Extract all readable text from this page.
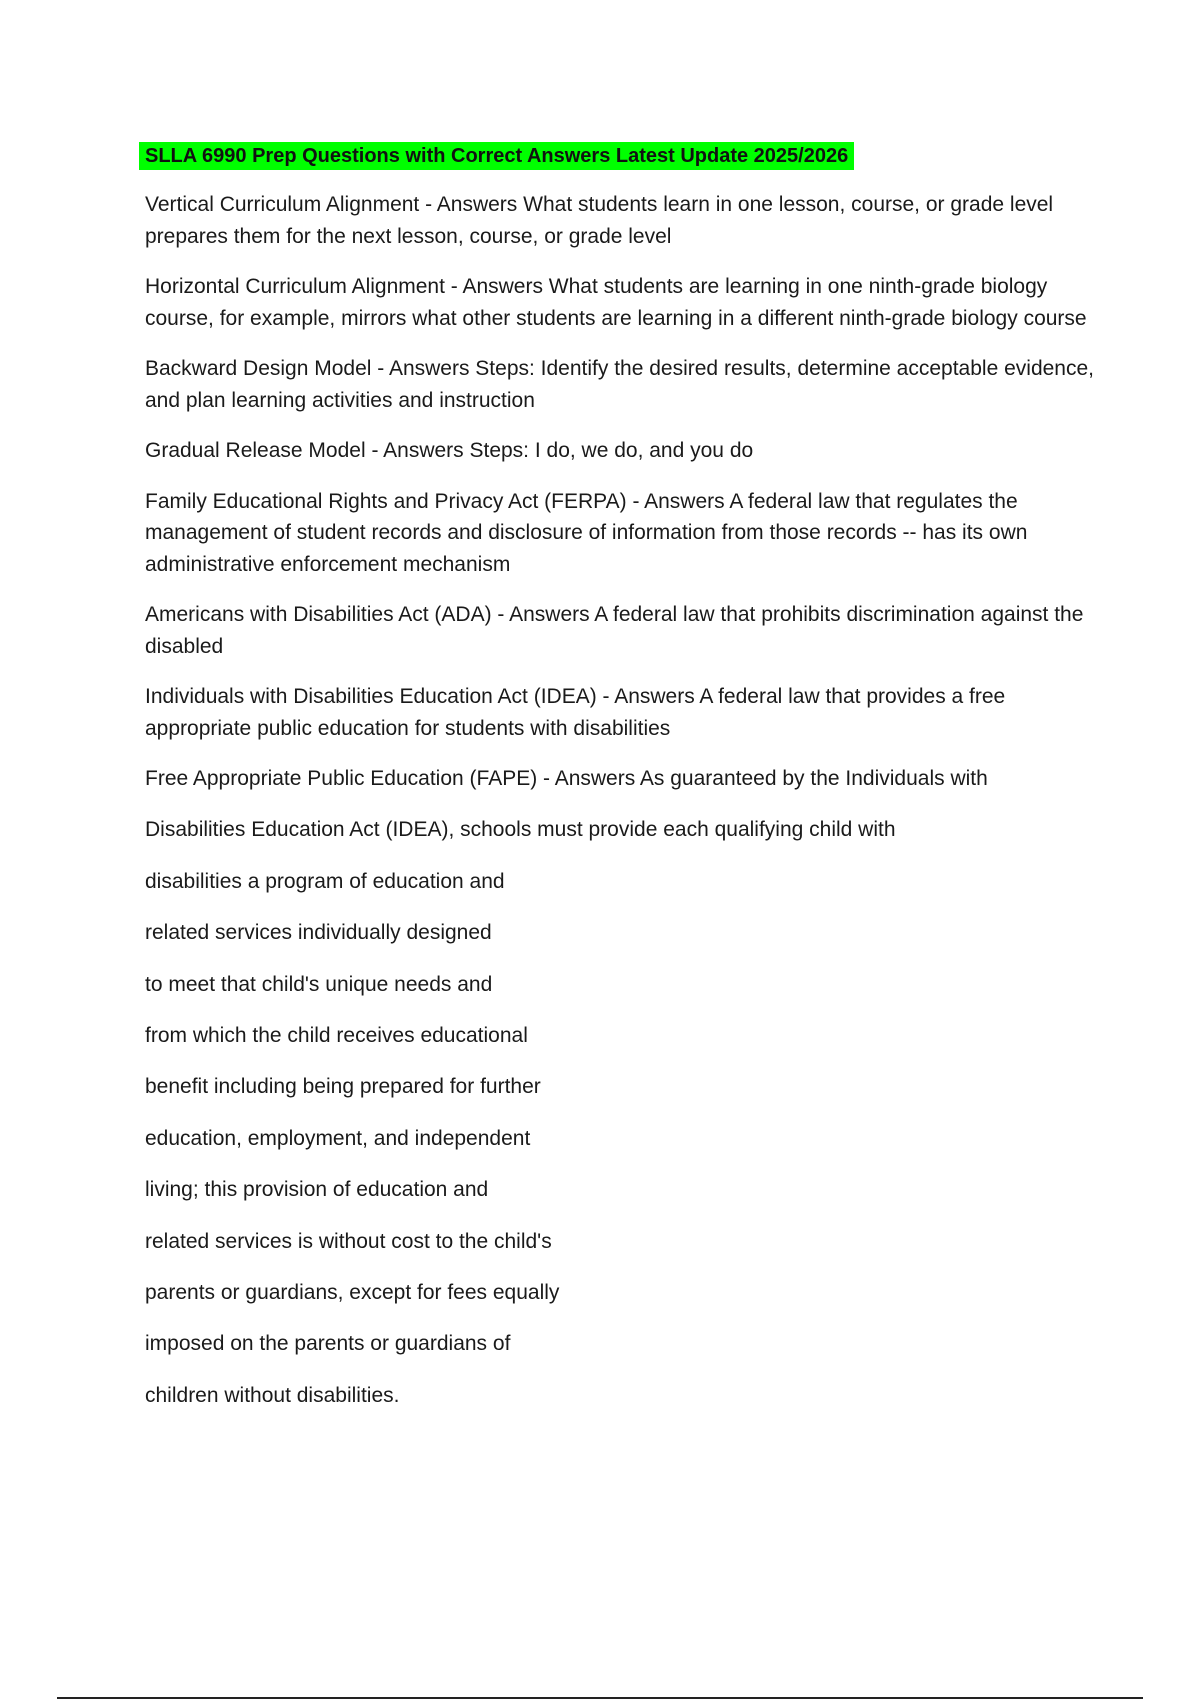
SLLA 6990 Prep Questions with Correct Answers Latest Update 2025/2026
Vertical Curriculum Alignment - Answers What students learn in one lesson, course, or grade level prepares them for the next lesson, course, or grade level
Horizontal Curriculum Alignment - Answers What students are learning in one ninth-grade biology course, for example, mirrors what other students are learning in a different ninth-grade biology course
Backward Design Model - Answers Steps: Identify the desired results, determine acceptable evidence, and plan learning activities and instruction
Gradual Release Model - Answers Steps: I do, we do, and you do
Family Educational Rights and Privacy Act (FERPA) - Answers A federal law that regulates the management of student records and disclosure of information from those records -- has its own administrative enforcement mechanism
Americans with Disabilities Act (ADA) - Answers A federal law that prohibits discrimination against the disabled
Individuals with Disabilities Education Act (IDEA) - Answers A federal law that provides a free appropriate public education for students with disabilities
Free Appropriate Public Education (FAPE) - Answers As guaranteed by the Individuals with
Disabilities Education Act (IDEA), schools must provide each qualifying child with
disabilities a program of education and
related services individually designed
to meet that child's unique needs and
from which the child receives educational
benefit including being prepared for further
education, employment, and independent
living; this provision of education and
related services is without cost to the child's
parents or guardians, except for fees equally
imposed on the parents or guardians of
children without disabilities.
